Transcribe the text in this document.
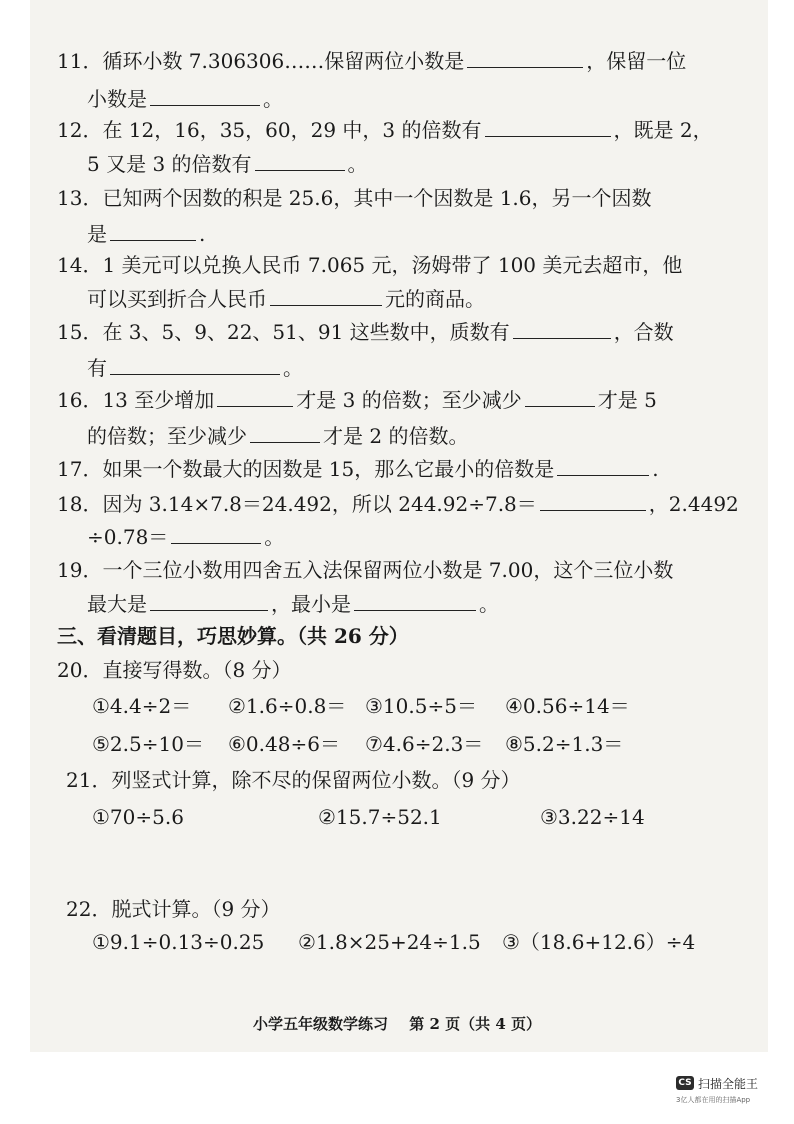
11．循环小数 7.306306……保留两位小数是	，保留一位
小数是	。
12．在 12，16，35，60，29 中，3 的倍数有	，既是 2，
5 又是 3 的倍数有	。
13．已知两个因数的积是 25.6，其中一个因数是 1.6，另一个因数
是	.
14．1 美元可以兑换人民币 7.065 元，汤姆带了 100 美元去超市，他
可以买到折合人民币	元的商品。
15．在 3、5、9、22、51、91 这些数中，质数有	，合数
有	。
16．13 至少增加	才是 3 的倍数；至少减少	才是 5
的倍数；至少减少	才是 2 的倍数。
17．如果一个数最大的因数是 15，那么它最小的倍数是	.
18．因为 3.14×7.8＝24.492，所以 244.92÷7.8＝	，2.4492
÷0.78＝	。
19．一个三位小数用四舍五入法保留两位小数是 7.00，这个三位小数
最大是	，最小是	。
三、看清题目，巧思妙算。（共 26 分）
20．直接写得数。（8 分）
①4.4÷2＝ ②1.6÷0.8＝ ③10.5÷5＝ ④0.56÷14＝
⑤2.5÷10＝ ⑥0.48÷6＝ ⑦4.6÷2.3＝ ⑧5.2÷1.3＝
21．列竖式计算，除不尽的保留两位小数。（9 分）
①70÷5.6	②15.7÷52.1	③3.22÷14
22．脱式计算。（9 分）
①9.1÷0.13÷0.25 ②1.8×25+24÷1.5 ③（18.6+12.6）÷4
小学五年级数学练习 第 2 页（共 4 页）
CS 扫描全能王
3亿人都在用的扫描App
